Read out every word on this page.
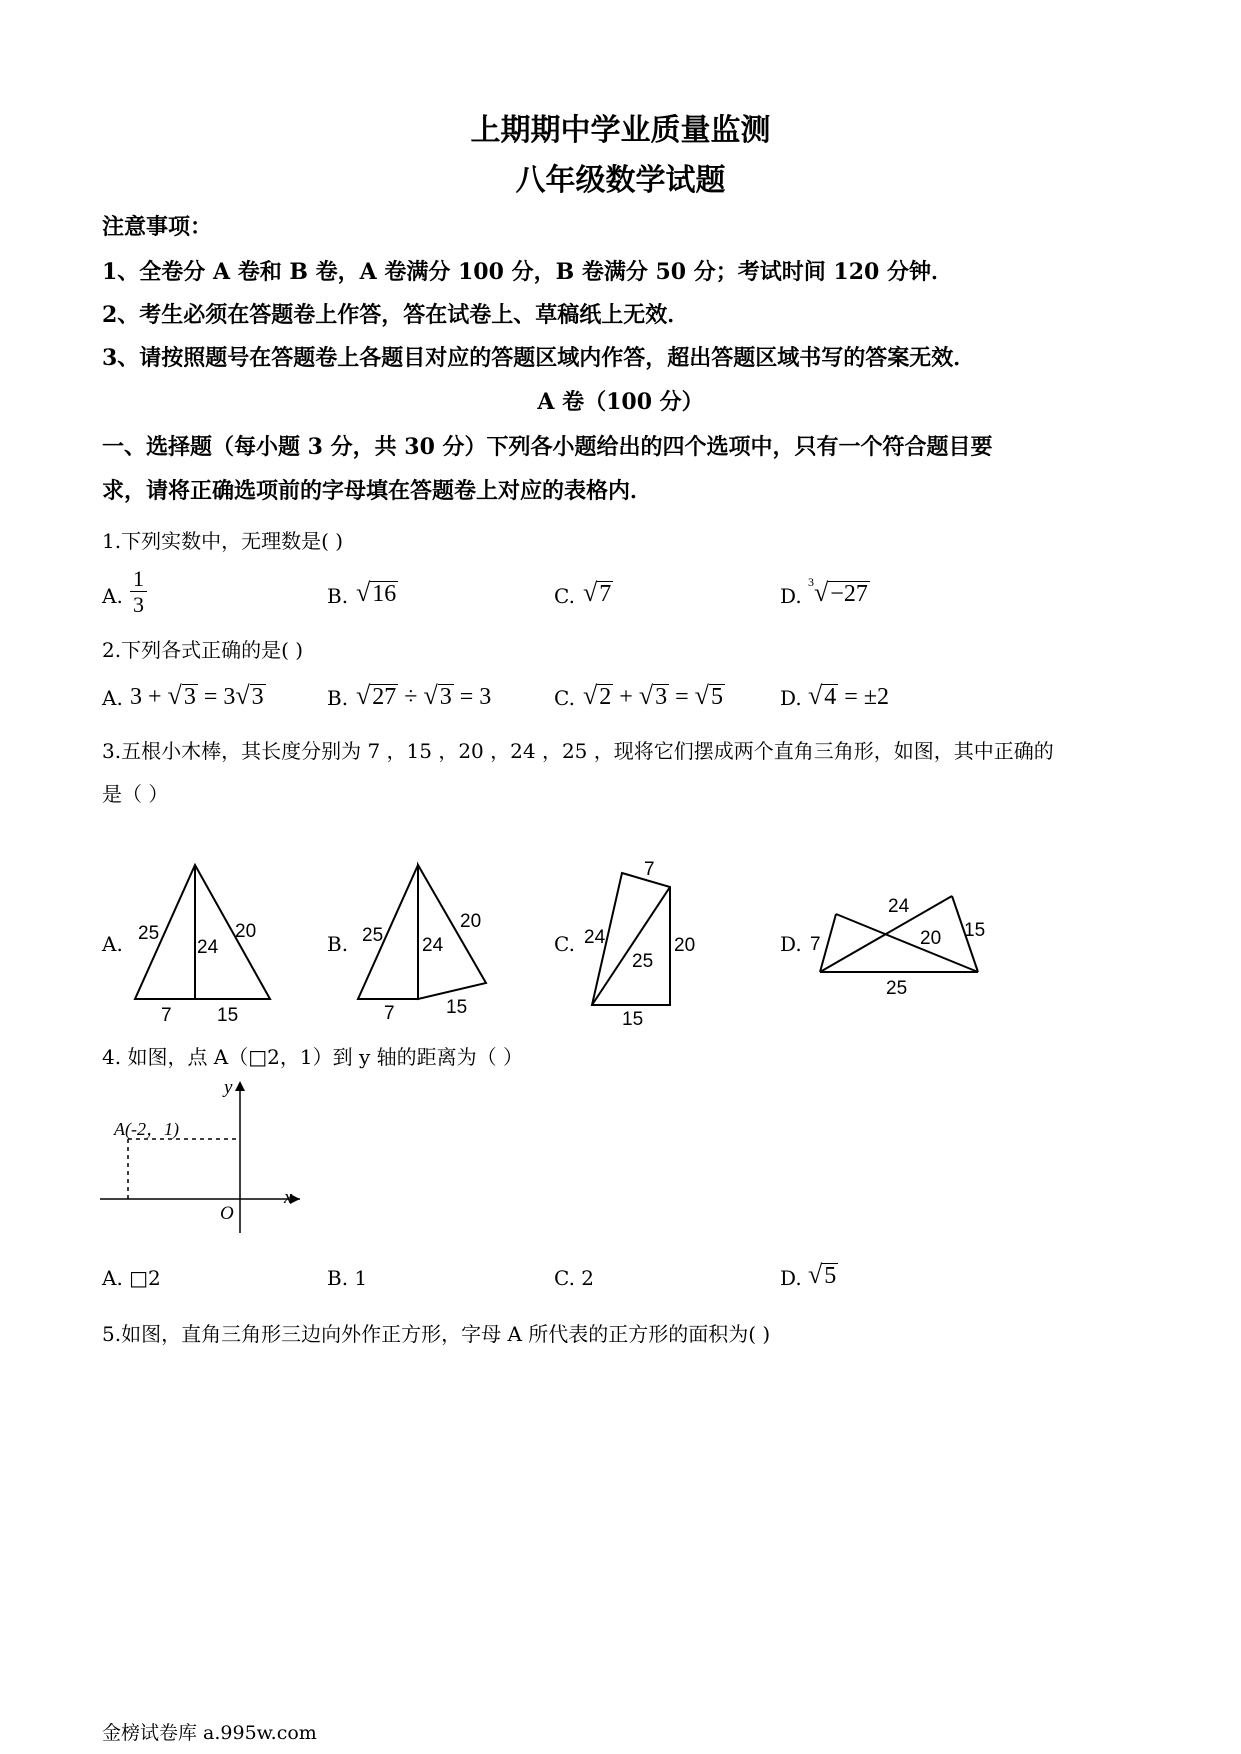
上期期中学业质量监测
八年级数学试题
注意事项：
1、全卷分 A 卷和 B 卷，A 卷满分 100 分，B 卷满分 50 分；考试时间 120 分钟．
2、考生必须在答题卷上作答，答在试卷上、草稿纸上无效．
3、请按照题号在答题卷上各题目对应的答题区域内作答，超出答题区域书写的答案无效．
A 卷（100 分）
一、选择题（每小题 3 分，共 30 分）下列各小题给出的四个选项中，只有一个符合题目要
求，请将正确选项前的字母填在答题卷上对应的表格内．
1.下列实数中，无理数是( )
A. $\frac{1}{3}$	B. √16	C. √7	D.
$^3$√−27
2.下列各式正确的是( )
A. 3 + √3 = 3√3	B. √27 ÷ √3 = 3	C. √2 + √3 = √5	D. √4 = ±2
3.五根小木棒，其长度分别为 7 ，15 ，20 ，24 ，25 ，现将它们摆成两个直角三角形，如图，其中正确的
是（ ）
A. 25
24
20
7 15
B. 25 24
20
7	15
C.
7
24
25
20
15
D.
24
7	20 15
25
4. 如图，点 A（□2，1）到 y 轴的距离为（ ）
A(-2，1)
y
x
O
A. □2	B. 1	C. 2	D. √5
5.如图，直角三角形三边向外作正方形，字母 A 所代表的正方形的面积为( )
金榜试卷库 a.995w.com
